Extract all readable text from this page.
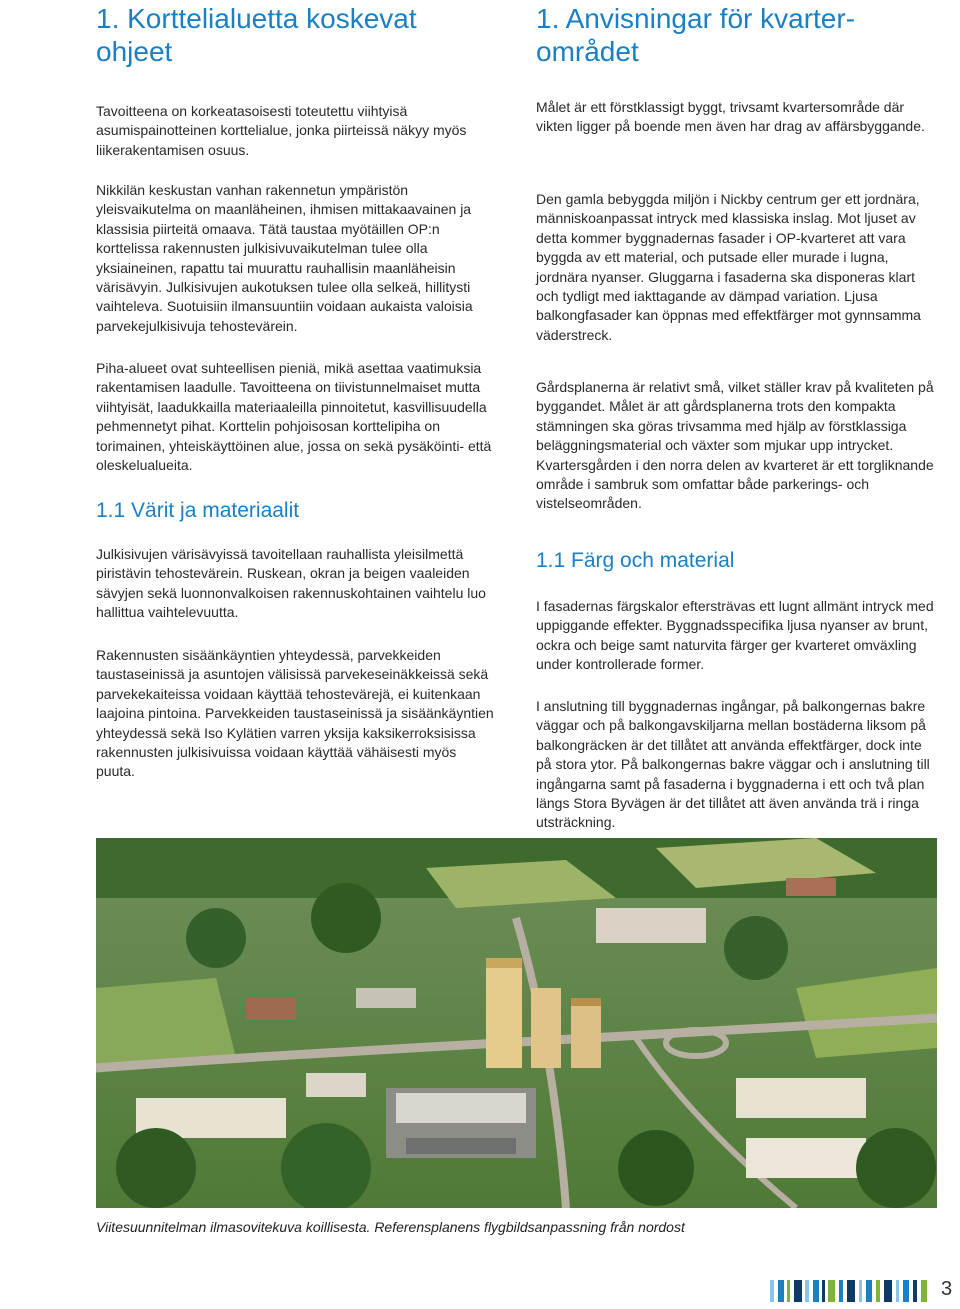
1. Korttelialuetta koskevat ohjeet

Tavoitteena on korkeatasoisesti toteutettu viihtyisä asumispainotteinen korttelialue, jonka piirteissä näkyy myös liikerakentamisen osuus.

Nikkilän keskustan vanhan rakennetun ympäristön yleisvaikutelma on maanläheinen, ihmisen mittakaavainen ja klassisia piirteitä omaava. Tätä taustaa myötäillen OP:n korttelissa rakennusten julkisivuvaikutelman tulee olla yksiaineinen, rapattu tai muurattu rauhallisin maanläheisin värisävyin. Julkisivujen aukotuksen tulee olla selkeä, hillitysti vaihteleva. Suotuisiin ilmansuuntiin voidaan aukaista valoisia parvekejulkisivuja tehostevärein.

Piha-alueet ovat suhteellisen pieniä, mikä asettaa vaatimuksia rakentamisen laadulle. Tavoitteena on tiivistunnelmaiset mutta viihtyisät, laadukkailla materiaaleilla pinnoitetut, kasvillisuudella pehmennetyt pihat. Korttelin pohjoisosan korttelipiha on torimainen, yhteiskäyttöinen alue, jossa on sekä pysäköinti- että oleskelualueita.

1.1 Värit ja materiaalit

Julkisivujen värisävyissä tavoitellaan rauhallista yleisilmettä piristävin tehostevärein. Ruskean, okran ja beigen vaaleiden sävyjen sekä luonnonvalkoisen rakennuskohtainen vaihtelu luo hallittua vaihtelevuutta.

Rakennusten sisäänkäyntien yhteydessä, parvekkeiden taustaseinissä ja asuntojen välisissä parvekeseinäkkeissä sekä parvekekaiteissa voidaan käyttää tehostevärejä, ei kuitenkaan laajoina pintoina. Parvekkeiden taustaseinissä ja sisäänkäyntien yhteydessä sekä Iso Kylätien varren yksija kaksikerroksisissa rakennusten julkisivuissa voidaan käyttää vähäisesti myös puuta.

1. Anvisningar för kvarter-området

Målet är ett förstklassigt byggt, trivsamt kvartersområde där vikten ligger på boende men även har drag av affärsbyggande.

Den gamla bebyggda miljön i Nickby centrum ger ett jordnära, människoanpassat intryck med klassiska inslag. Mot ljuset av detta kommer byggnadernas fasader i OP-kvarteret att vara byggda av ett material, och putsade eller murade i lugna, jordnära nyanser. Gluggarna i fasaderna ska disponeras klart och tydligt med iakttagande av dämpad variation. Ljusa balkongfasader kan öppnas med effektfärger mot gynnsamma väderstreck.

Gårdsplanerna är relativt små, vilket ställer krav på kvaliteten på byggandet. Målet är att gårdsplanerna trots den kompakta stämningen ska göras trivsamma med hjälp av förstklassiga beläggningsmaterial och växter som mjukar upp intrycket. Kvartersgården i den norra delen av kvarteret är ett torgliknande område i sambruk som omfattar både parkerings- och vistelseområden.

1.1 Färg och material

I fasadernas färgskalor eftersträvas ett lugnt allmänt intryck med uppiggande effekter. Byggnadsspecifika ljusa nyanser av brunt, ockra och beige samt naturvita färger ger kvarteret omväxling under kontrollerade former.

I anslutning till byggnadernas ingångar, på balkongernas bakre väggar och på balkongavskiljarna mellan bostäderna liksom på balkongräcken är det tillåtet att använda effektfärger, dock inte på stora ytor. På balkongernas bakre väggar och i anslutning till ingångarna samt på fasaderna i byggnaderna i ett och två plan längs Stora Byvägen är det tillåtet att även använda trä i ringa utsträckning.

Viitesuunnitelman ilmasovitekuva koillisesta. Referensplanens flygbildsanpassning från nordost
3
